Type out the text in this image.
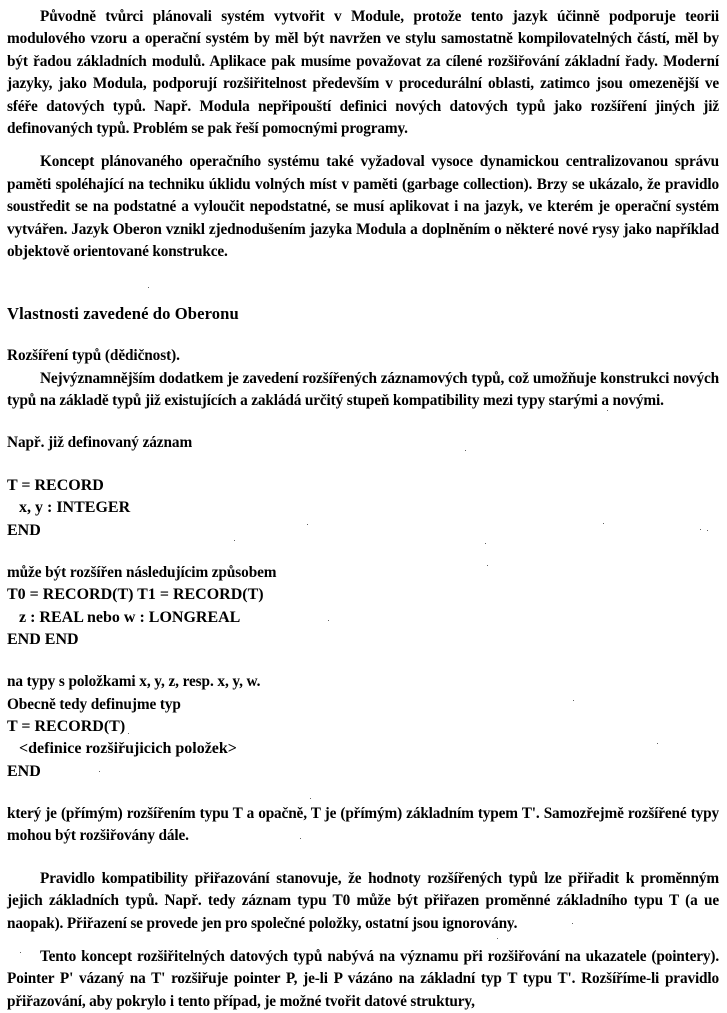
Původně tvůrci plánovali systém vytvořit v Module, protože tento jazyk účinně podporuje teorii modulového vzoru a operační systém by měl být navržen ve stylu samostatně kompilovatelných částí, měl by být řadou základních modulů. Aplikace pak musíme považovat za cílené rozšiřování základní řady. Moderní jazyky, jako Modula, podporují rozšiřitelnost především v procedurální oblasti, zatimco jsou omezenější ve sféře datových typů. Např. Modula nepřipouští definici nových datových typů jako rozšíření jiných již definovaných typů. Problém se pak řeší pomocnými programy.

Koncept plánovaného operačního systému také vyžadoval vysoce dynamickou centralizovanou správu paměti spoléhající na techniku úklidu volných míst v paměti (garbage collection). Brzy se ukázalo, že pravidlo soustředit se na podstatné a vyloučit nepodstatné, se musí aplikovat i na jazyk, ve kterém je operační systém vytvářen. Jazyk Oberon vznikl zjednodušením jazyka Modula a doplněním o některé nové rysy jako například objektově orientované konstrukce.

Vlastnosti zavedené do Oberonu
Rozšíření typů (dědičnost).

Nejvýznamnějším dodatkem je zavedení rozšířených záznamových typů, což umožňuje konstrukci nových typů na základě typů již existujících a zakládá určitý stupeň kompatibility mezi typy starými a novými.

Např. již definovaný záznam
T = RECORD
x, y : INTEGER
END
může být rozšířen následujícim způsobem
T0 = RECORD(T) T1 = RECORD(T)
z : REAL nebo w : LONGREAL
END END
na typy s položkami x, y, z, resp. x, y, w.
Obecně tedy definujme typ
T = RECORD(T)
<definice rozšiřujicich položek>
END

který je (přímým) rozšířením typu T a opačně, T je (přímým) základním typem T'. Samozřejmě rozšířené typy mohou být rozšiřovány dále.

Pravidlo kompatibility přiřazování stanovuje, že hodnoty rozšířených typů lze přiřadit k proměnným jejich základních typů. Např. tedy záznam typu T0 může být přiřazen proměnné základního typu T (a ue naopak). Přiřazení se provede jen pro společné položky, ostatní jsou ignorovány.

Tento koncept rozšiřitelných datových typů nabývá na významu při rozšiřování na ukazatele (pointery). Pointer P' vázaný na T' rozšiřuje pointer P, je-li P vázáno na základní typ T typu T'. Rozšíříme-li pravidlo přiřazování, aby pokrylo i tento případ, je možné tvořit datové struktury,
